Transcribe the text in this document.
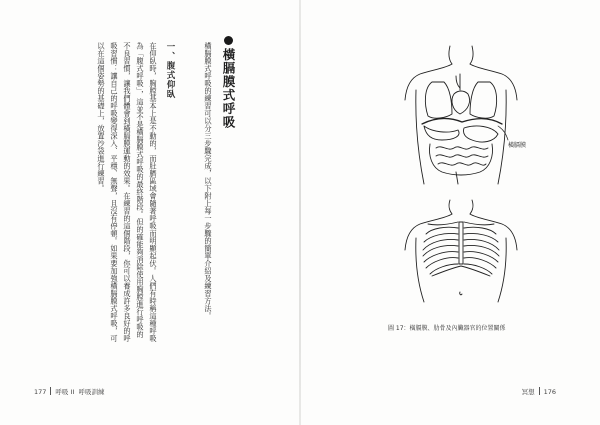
橫膈膜式呼吸
橫膈膜式呼吸的練習可以分三步驟完成，以下附上每一步驟的簡單介紹及練習方法。
一、腹式仰臥
在仰臥時，胸膛基本上是不動的，而肚臍區域會隨著呼吸而明顯起伏。人們有時稱這種呼吸為「腹式呼吸」，這並不是橫膈膜式呼吸的最終階段。但的確能夠消除使用胸膛進行呼吸的不良習慣，讓我們體會到橫膈膜運動的效果。在練習的這個階段，你可以養成許多良好的呼吸習慣：讓自己的呼吸變得深入、平穩、無聲，且沒有停頓。如果要加強橫膈膜式呼吸，可以在這個姿勢的基礎上，放置沙袋進行練習。
177 呼吸 II 呼吸訓練
橫膈膜
圖 17：橫膈膜、肋骨及內臟器官的位置關係
冥想 176
